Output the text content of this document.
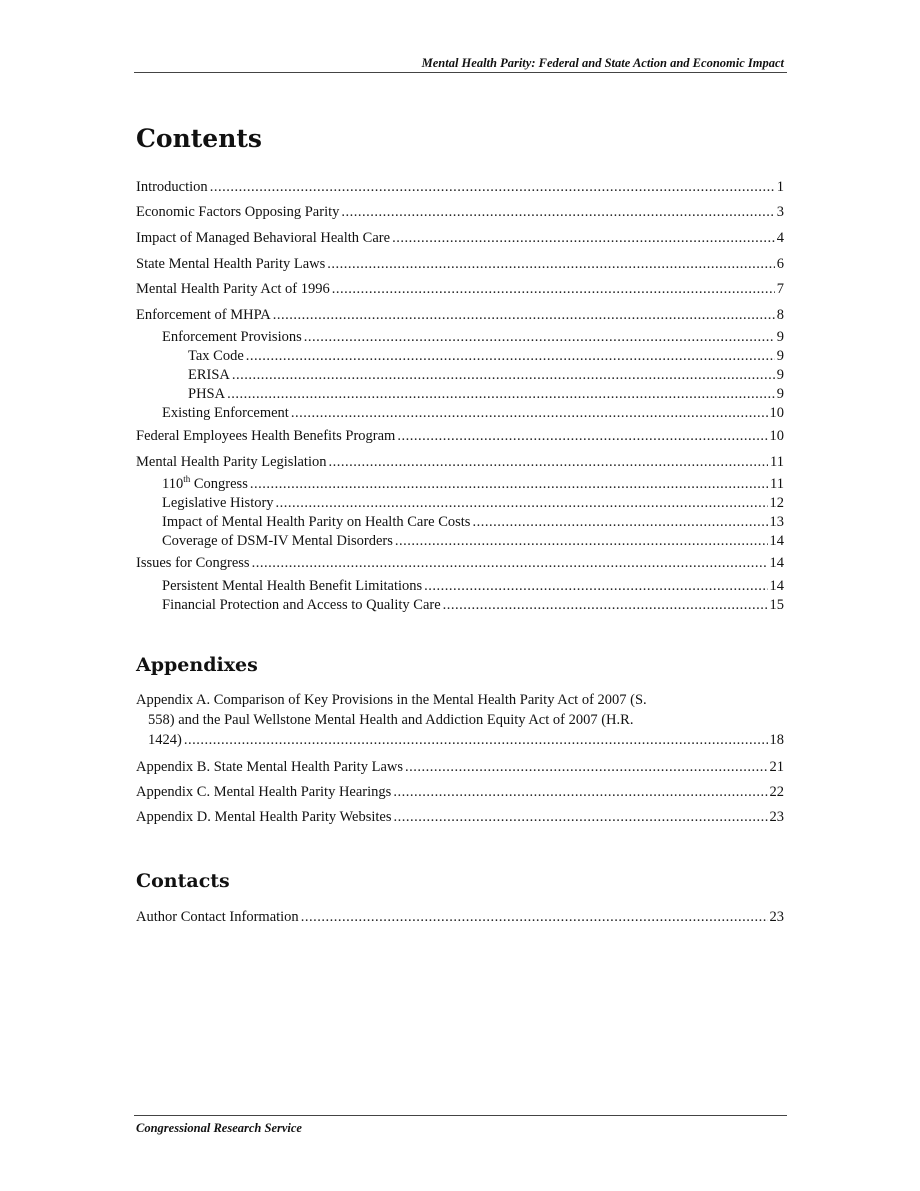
Mental Health Parity: Federal and State Action and Economic Impact
Contents
Introduction .....	1
Economic Factors Opposing Parity .....	3
Impact of Managed Behavioral Health Care .....	4
State Mental Health Parity Laws .....	6
Mental Health Parity Act of 1996 .....	7
Enforcement of MHPA .....	8
Enforcement Provisions .....	9
Tax Code .....	9
ERISA .....	9
PHSA .....	9
Existing Enforcement .....	10
Federal Employees Health Benefits Program .....	10
Mental Health Parity Legislation .....	11
110th Congress .....	11
Legislative History .....	12
Impact of Mental Health Parity on Health Care Costs .....	13
Coverage of DSM-IV Mental Disorders .....	14
Issues for Congress .....	14
Persistent Mental Health Benefit Limitations .....	14
Financial Protection and Access to Quality Care .....	15
Appendixes
Appendix A. Comparison of Key Provisions in the Mental Health Parity Act of 2007 (S.
558) and the Paul Wellstone Mental Health and Addiction Equity Act of 2007 (H.R.
1424) .....	18
Appendix B. State Mental Health Parity Laws .....	21
Appendix C. Mental Health Parity Hearings .....	22
Appendix D. Mental Health Parity Websites .....	23
Contacts
Author Contact Information .....	23
Congressional Research Service
